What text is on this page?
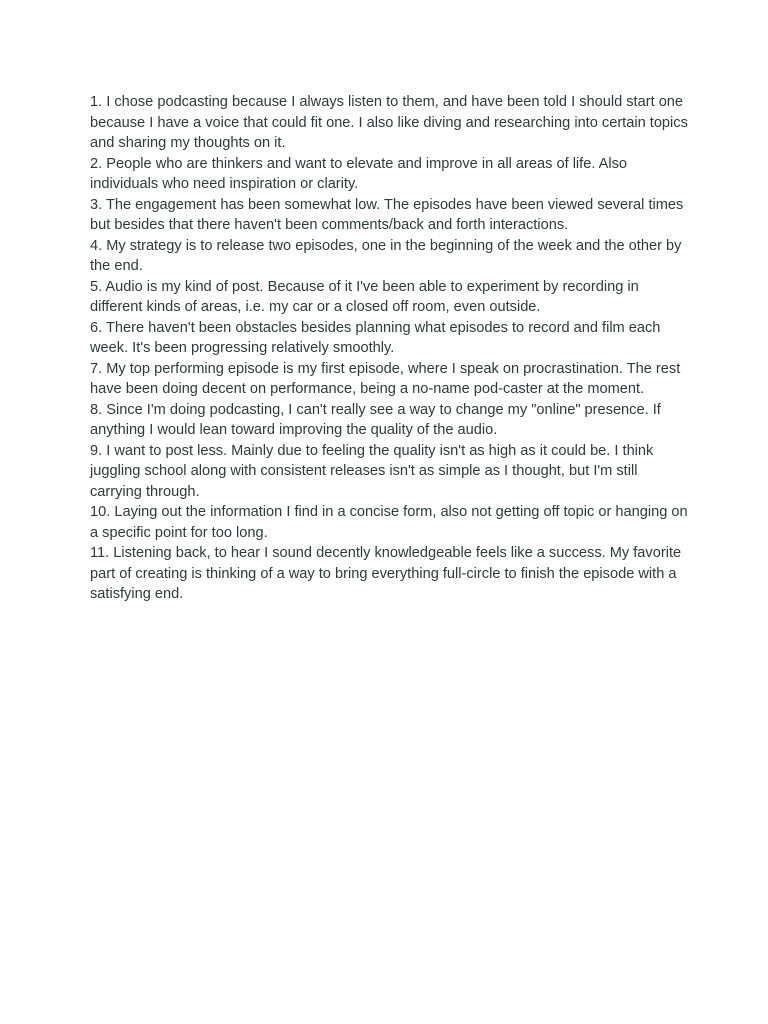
1. I chose podcasting because I always listen to them, and have been told I should start one because I have a voice that could fit one. I also like diving and researching into certain topics and sharing my thoughts on it.

2. People who are thinkers and want to elevate and improve in all areas of life. Also individuals who need inspiration or clarity.

3. The engagement has been somewhat low. The episodes have been viewed several times but besides that there haven't been comments/back and forth interactions.

4. My strategy is to release two episodes, one in the beginning of the week and the other by the end.

5. Audio is my kind of post. Because of it I've been able to experiment by recording in different kinds of areas, i.e. my car or a closed off room, even outside.

6. There haven't been obstacles besides planning what episodes to record and film each week. It's been progressing relatively smoothly.

7. My top performing episode is my first episode, where I speak on procrastination. The rest have been doing decent on performance, being a no-name pod-caster at the moment.

8. Since I'm doing podcasting, I can't really see a way to change my "online" presence. If anything I would lean toward improving the quality of the audio.

9. I want to post less. Mainly due to feeling the quality isn't as high as it could be. I think juggling school along with consistent releases isn't as simple as I thought, but I'm still carrying through.

10. Laying out the information I find in a concise form, also not getting off topic or hanging on a specific point for too long.

11. Listening back, to hear I sound decently knowledgeable feels like a success. My favorite part of creating is thinking of a way to bring everything full-circle to finish the episode with a satisfying end.
